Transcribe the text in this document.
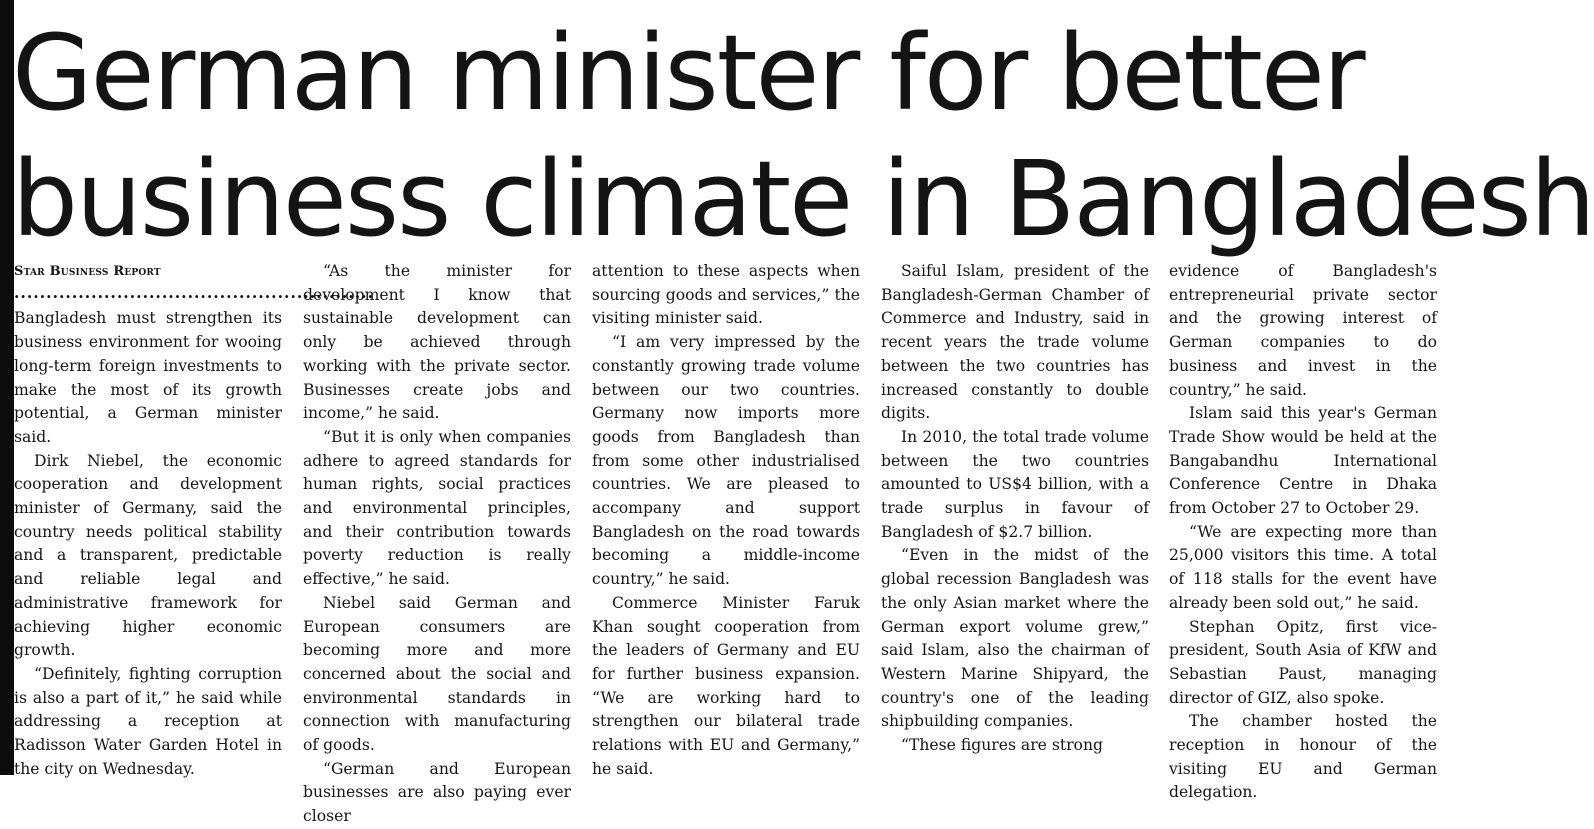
German minister for better
business climate in Bangladesh
Star Business Report
........................................................

Bangladesh must strengthen its business environment for wooing long-term foreign investments to make the most of its growth potential, a German minister said.

Dirk Niebel, the economic cooperation and development minister of Germany, said the country needs political stability and a transparent, predictable and reliable legal and administrative framework for achieving higher economic growth.

“Definitely, fighting corruption is also a part of it,” he said while addressing a reception at Radisson Water Garden Hotel in the city on Wednesday.

“As the minister for development I know that sustainable development can only be achieved through working with the private sector. Businesses create jobs and income,” he said.

“But it is only when companies adhere to agreed standards for human rights, social practices and environmental principles, and their contribution towards poverty reduction is really effective,” he said.

Niebel said German and European consumers are becoming more and more concerned about the social and environmental standards in connection with manufacturing of goods.

“German and European businesses are also paying ever closer

attention to these aspects when sourcing goods and services,” the visiting minister said.

“I am very impressed by the constantly growing trade volume between our two countries. Germany now imports more goods from Bangladesh than from some other industrialised countries. We are pleased to accompany and support Bangladesh on the road towards becoming a middle-income country,” he said.

Commerce Minister Faruk Khan sought cooperation from the leaders of Germany and EU for further business expansion. “We are working hard to strengthen our bilateral trade relations with EU and Germany,” he said.

Saiful Islam, president of the Bangladesh-German Chamber of Commerce and Industry, said in recent years the trade volume between the two countries has increased constantly to double digits.

In 2010, the total trade volume between the two countries amounted to US$4 billion, with a trade surplus in favour of Bangladesh of $2.7 billion.

“Even in the midst of the global recession Bangladesh was the only Asian market where the German export volume grew,” said Islam, also the chairman of Western Marine Shipyard, the country's one of the leading shipbuilding companies.

“These figures are strong

evidence of Bangladesh's entrepreneurial private sector and the growing interest of German companies to do business and invest in the country,” he said.

Islam said this year's German Trade Show would be held at the Bangabandhu International Conference Centre in Dhaka from October 27 to October 29.

“We are expecting more than 25,000 visitors this time. A total of 118 stalls for the event have already been sold out,” he said.

Stephan Opitz, first vice-president, South Asia of KfW and Sebastian Paust, managing director of GIZ, also spoke.

The chamber hosted the reception in honour of the visiting EU and German delegation.
